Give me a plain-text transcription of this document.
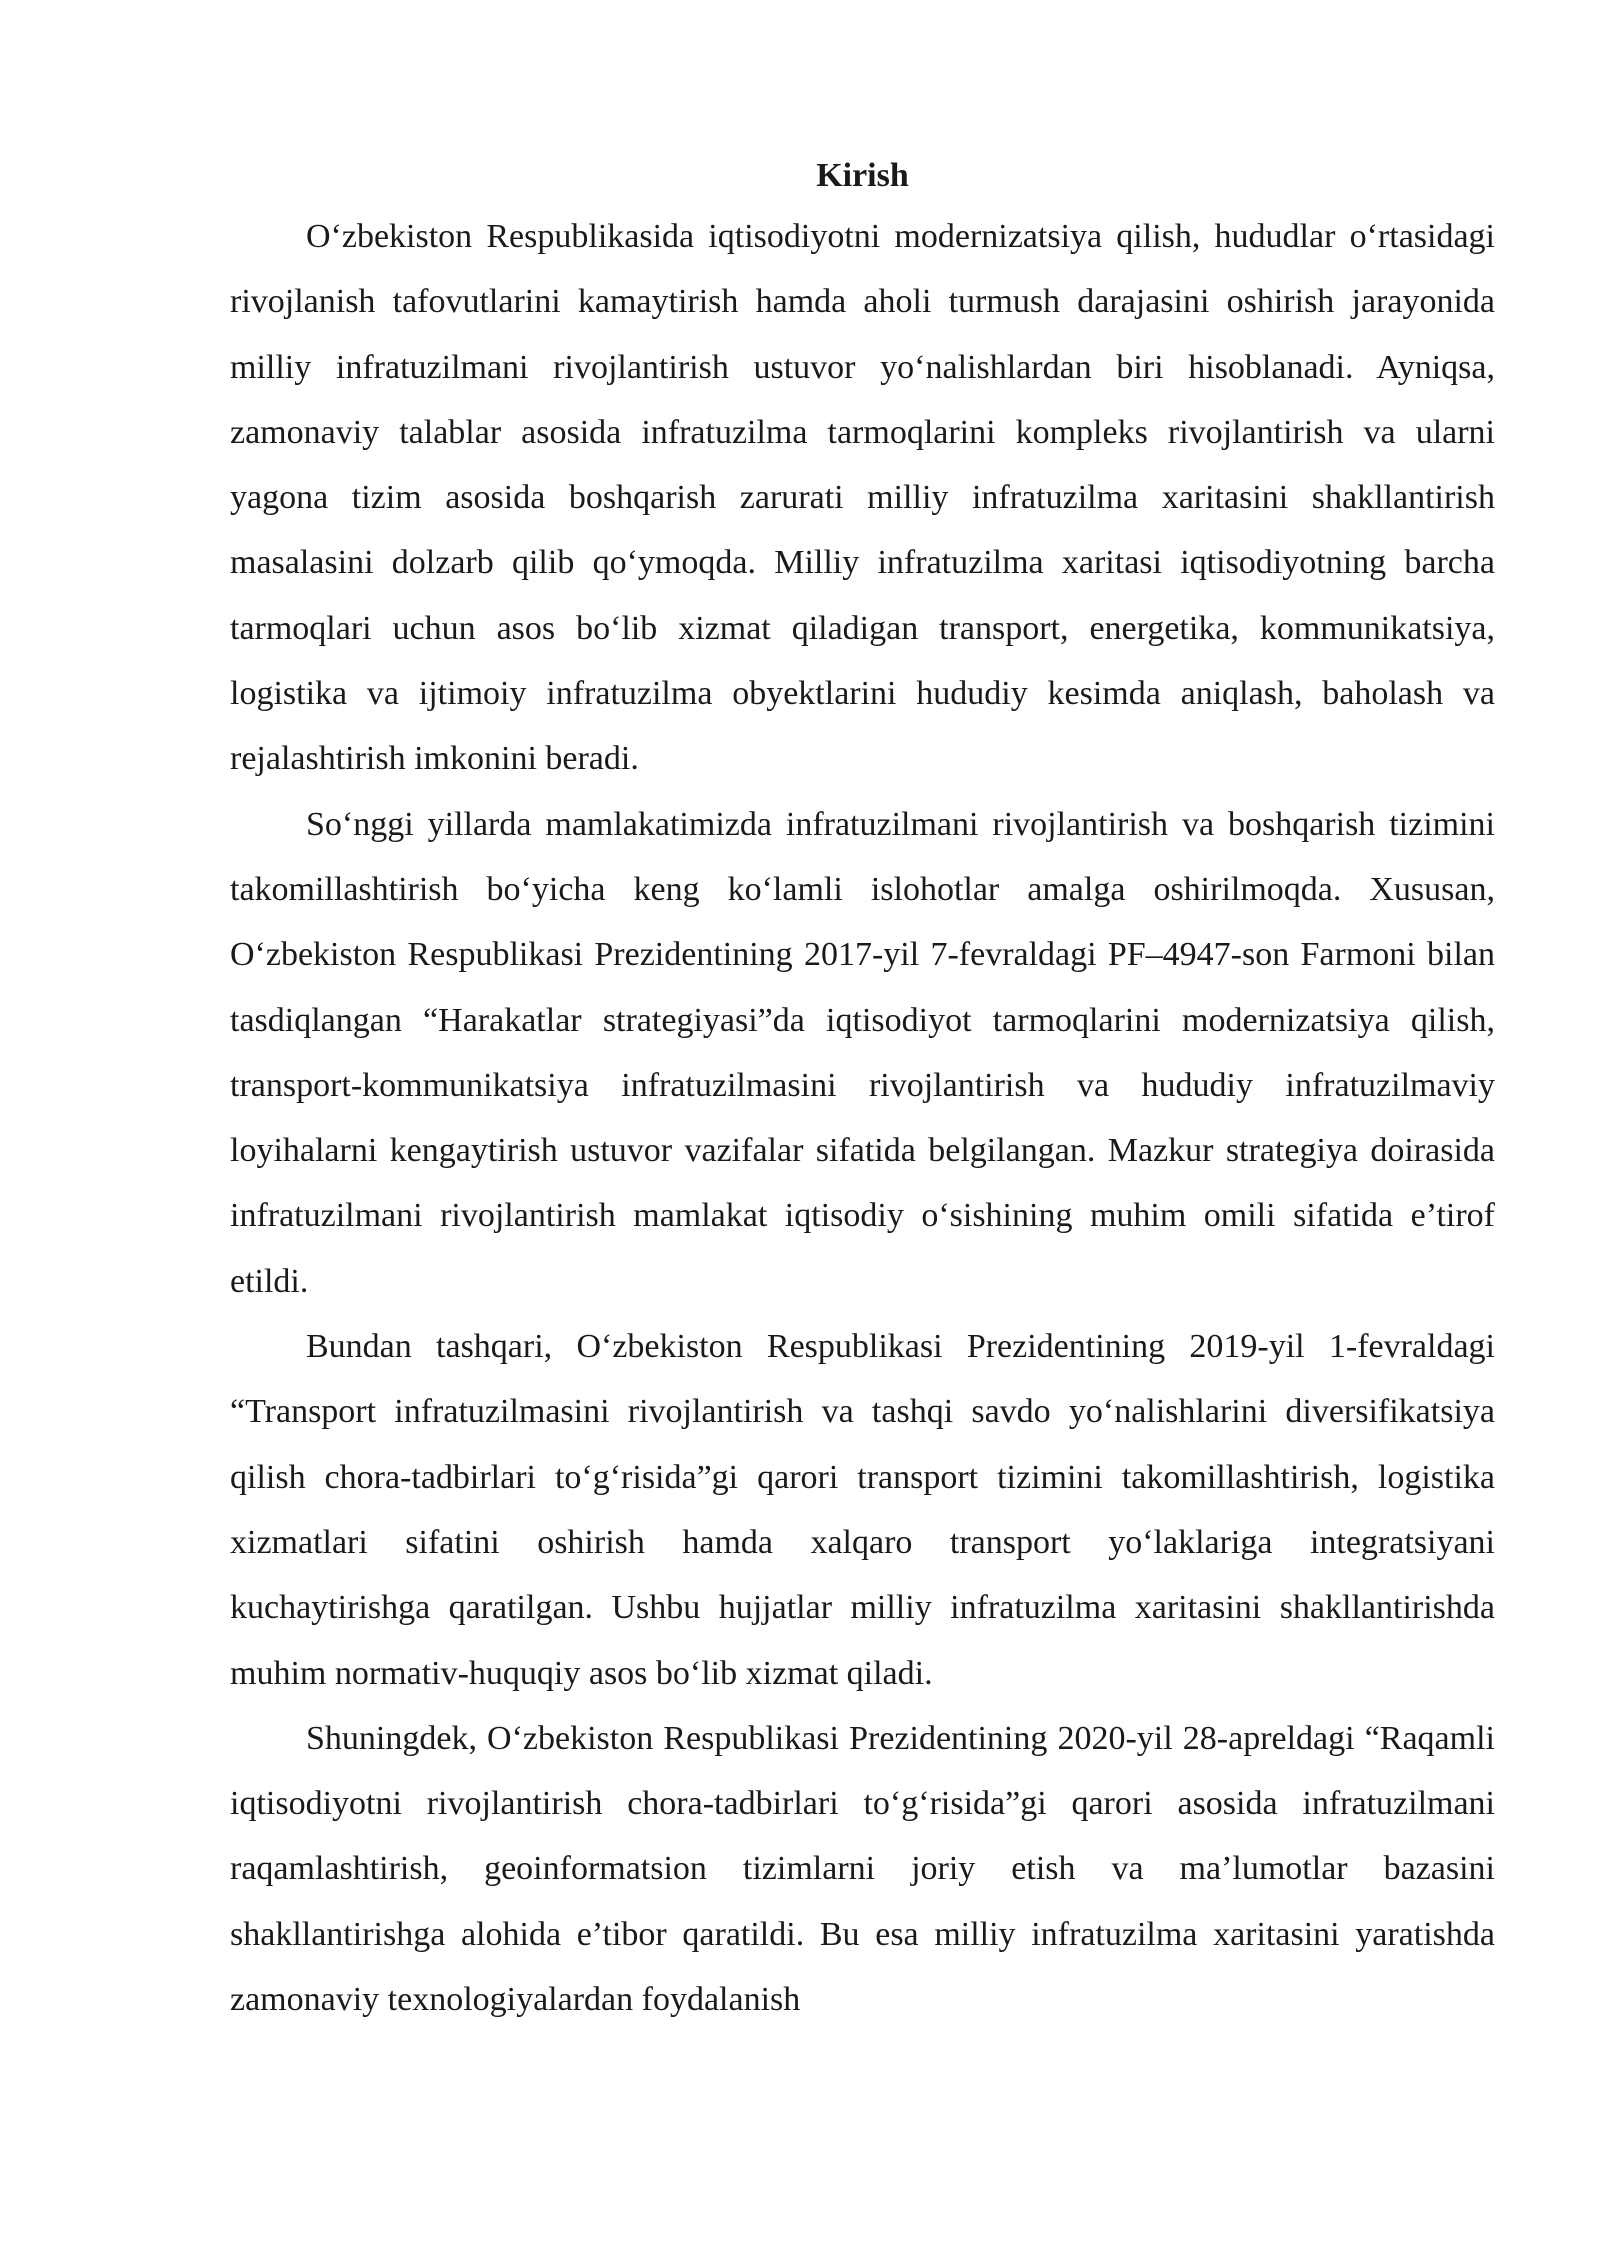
Kirish

O‘zbekiston Respublikasida iqtisodiyotni modernizatsiya qilish, hududlar o‘rtasidagi rivojlanish tafovutlarini kamaytirish hamda aholi turmush darajasini oshirish jarayonida milliy infratuzilmani rivojlantirish ustuvor yo‘nalishlardan biri hisoblanadi. Ayniqsa, zamonaviy talablar asosida infratuzilma tarmoqlarini kompleks rivojlantirish va ularni yagona tizim asosida boshqarish zarurati milliy infratuzilma xaritasini shakllantirish masalasini dolzarb qilib qo‘ymoqda. Milliy infratuzilma xaritasi iqtisodiyotning barcha tarmoqlari uchun asos bo‘lib xizmat qiladigan transport, energetika, kommunikatsiya, logistika va ijtimoiy infratuzilma obyektlarini hududiy kesimda aniqlash, baholash va rejalashtirish imkonini beradi.

So‘nggi yillarda mamlakatimizda infratuzilmani rivojlantirish va boshqarish tizimini takomillashtirish bo‘yicha keng ko‘lamli islohotlar amalga oshirilmoqda. Xususan, O‘zbekiston Respublikasi Prezidentining 2017-yil 7-fevraldagi PF–4947-son Farmoni bilan tasdiqlangan “Harakatlar strategiyasi”da iqtisodiyot tarmoqlarini modernizatsiya qilish, transport-kommunikatsiya infratuzilmasini rivojlantirish va hududiy infratuzilmaviy loyihalarni kengaytirish ustuvor vazifalar sifatida belgilangan. Mazkur strategiya doirasida infratuzilmani rivojlantirish mamlakat iqtisodiy o‘sishining muhim omili sifatida e’tirof etildi.

Bundan tashqari, O‘zbekiston Respublikasi Prezidentining 2019-yil 1-fevraldagi “Transport infratuzilmasini rivojlantirish va tashqi savdo yo‘nalishlarini diversifikatsiya qilish chora-tadbirlari to‘g‘risida”gi qarori transport tizimini takomillashtirish, logistika xizmatlari sifatini oshirish hamda xalqaro transport yo‘laklariga integratsiyani kuchaytirishga qaratilgan. Ushbu hujjatlar milliy infratuzilma xaritasini shakllantirishda muhim normativ-huquqiy asos bo‘lib xizmat qiladi.

Shuningdek, O‘zbekiston Respublikasi Prezidentining 2020-yil 28-apreldagi “Raqamli iqtisodiyotni rivojlantirish chora-tadbirlari to‘g‘risida”gi qarori asosida infratuzilmani raqamlashtirish, geoinformatsion tizimlarni joriy etish va ma’lumotlar bazasini shakllantirishga alohida e’tibor qaratildi. Bu esa milliy infratuzilma xaritasini yaratishda zamonaviy texnologiyalardan foydalanish
